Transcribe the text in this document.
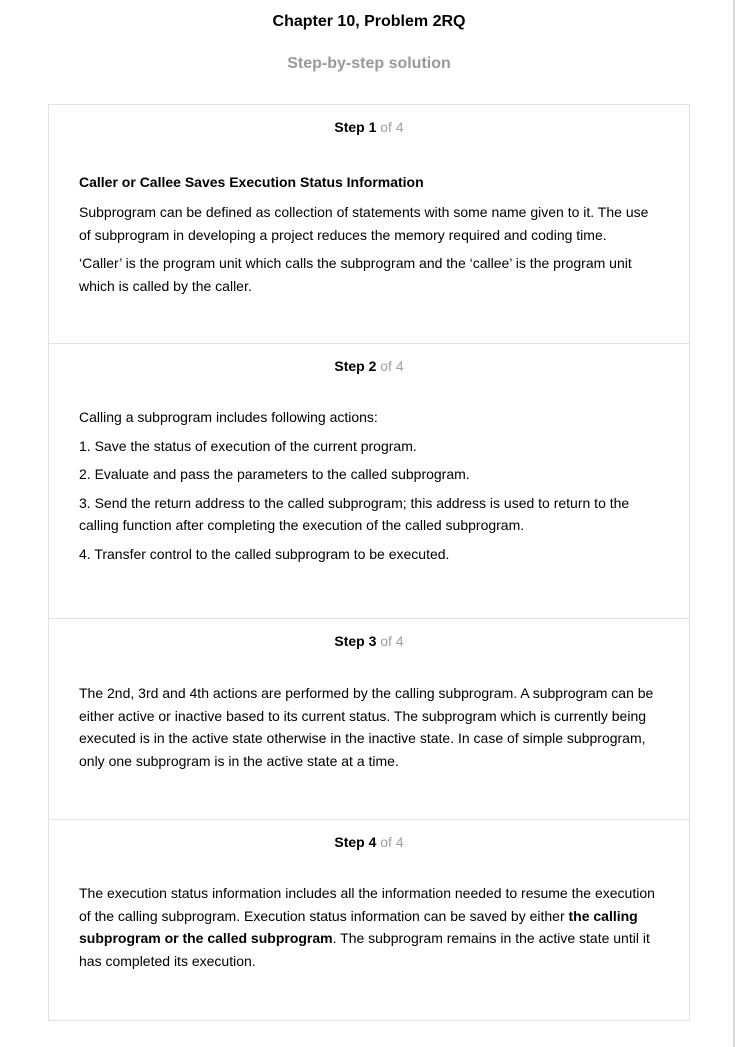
Chapter 10, Problem 2RQ
Step-by-step solution
Step 1 of 4

Caller or Callee Saves Execution Status Information

Subprogram can be defined as collection of statements with some name given to it. The use of subprogram in developing a project reduces the memory required and coding time.

‘Caller’ is the program unit which calls the subprogram and the ‘callee’ is the program unit which is called by the caller.

Step 2 of 4

Calling a subprogram includes following actions:

1. Save the status of execution of the current program.

2. Evaluate and pass the parameters to the called subprogram.

3. Send the return address to the called subprogram; this address is used to return to the calling function after completing the execution of the called subprogram.

4. Transfer control to the called subprogram to be executed.

Step 3 of 4

The 2nd, 3rd and 4th actions are performed by the calling subprogram. A subprogram can be either active or inactive based to its current status. The subprogram which is currently being executed is in the active state otherwise in the inactive state. In case of simple subprogram, only one subprogram is in the active state at a time.

Step 4 of 4

The execution status information includes all the information needed to resume the execution of the calling subprogram. Execution status information can be saved by either the calling subprogram or the called subprogram. The subprogram remains in the active state until it has completed its execution.
